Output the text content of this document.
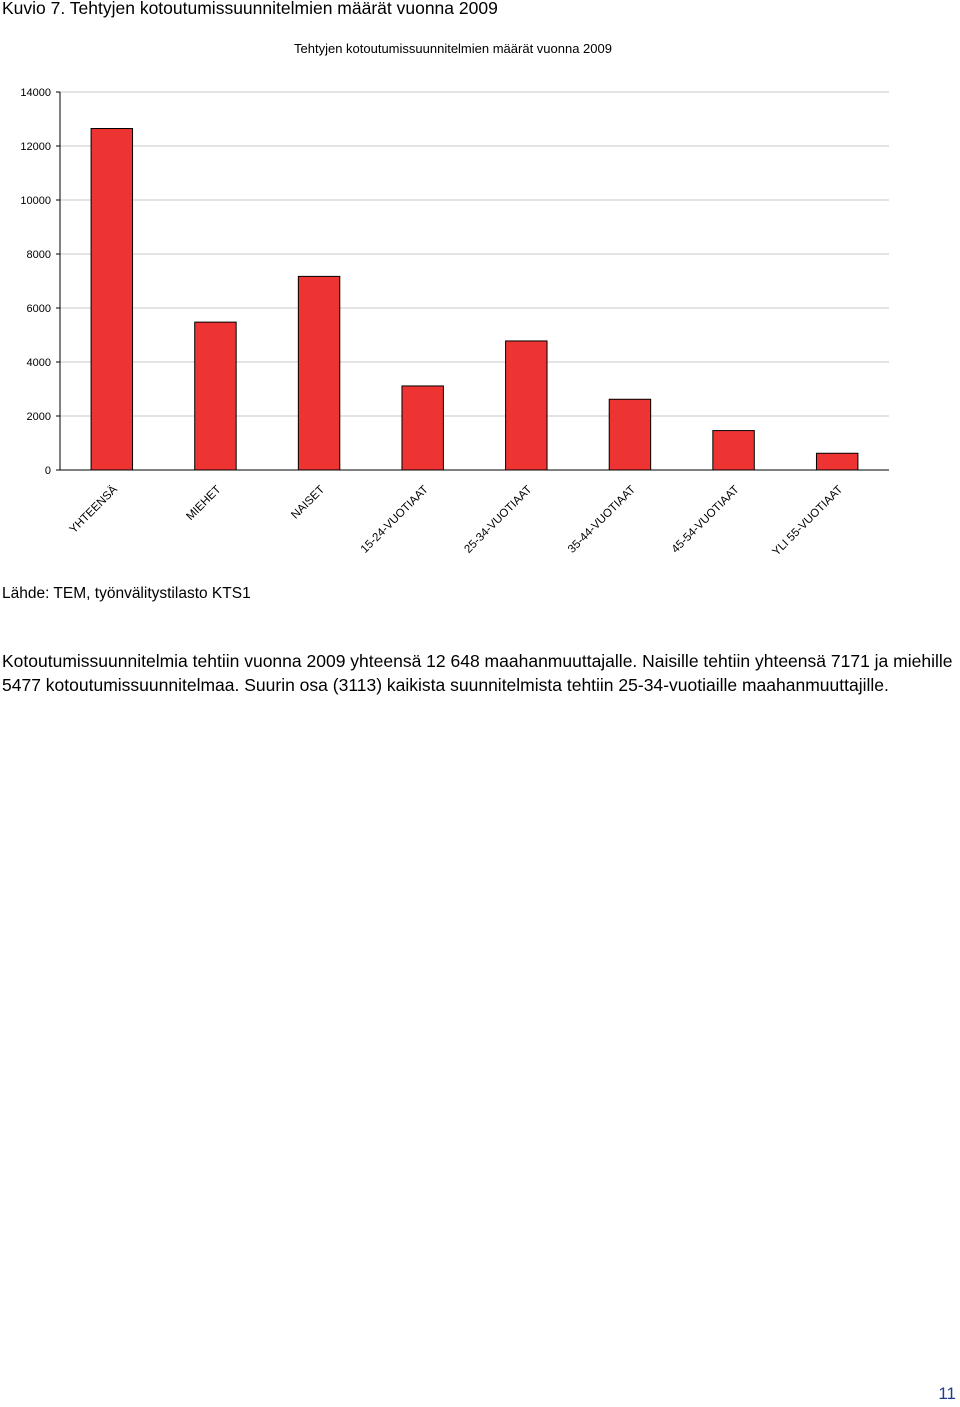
Kuvio 7. Tehtyjen kotoutumissuunnitelmien määrät vuonna 2009
Tehtyjen kotoutumissuunnitelmien määrät vuonna 2009
0
2000
4000
6000
8000
10000
12000
14000
YHTEENSÄ	MIEHET	NAISET	15-24-VUOTIAAT	25-34-VUOTIAAT	35-44-VUOTIAAT	45-54-VUOTIAAT	YLI 55-VUOTIAAT
Lähde: TEM, työnvälitystilasto KTS1

Kotoutumissuunnitelmia tehtiin vuonna 2009 yhteensä 12 648 maahanmuuttajalle. Naisille tehtiin yhteensä 7171 ja miehille 5477 kotoutumissuunnitelmaa. Suurin osa (3113) kaikista suunnitelmista tehtiin 25-34-vuotiaille maahanmuuttajille.

11
